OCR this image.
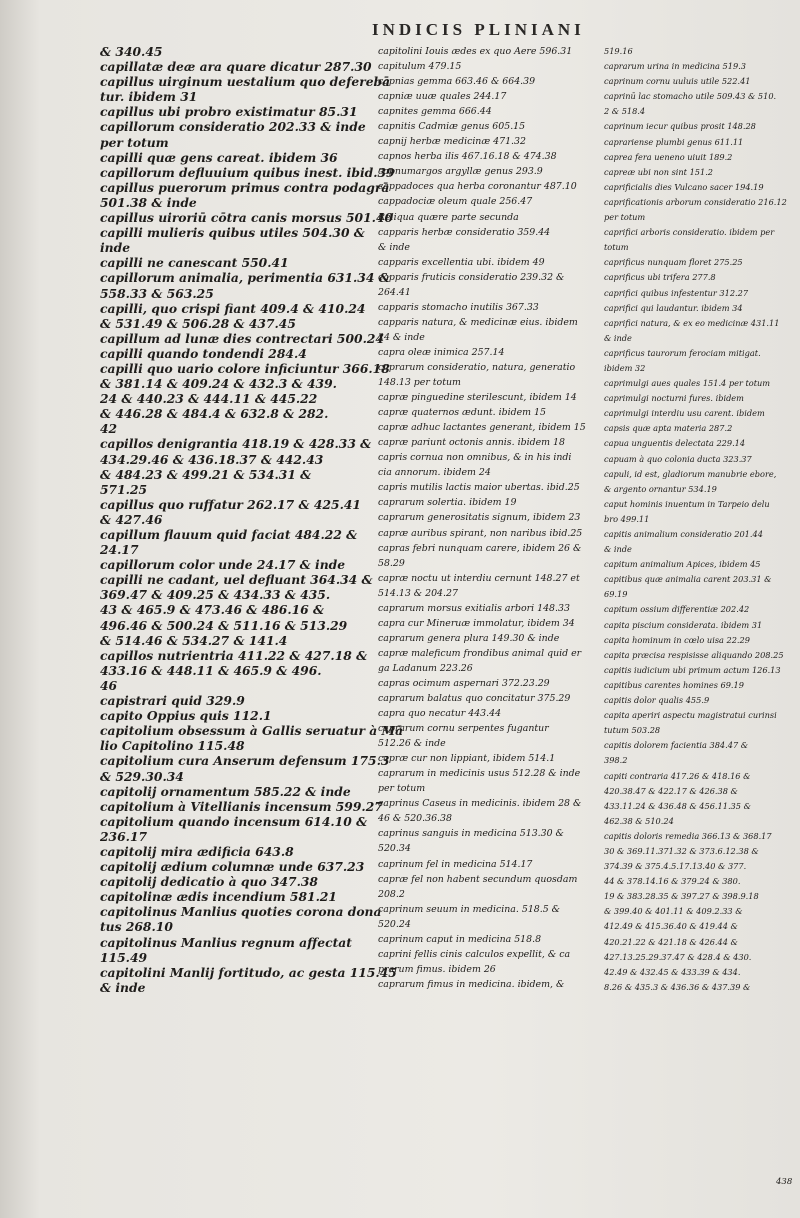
INDICIS PLINIANI
& 340.45
capillatæ deæ ara quare dicatur 287.30
capillus uirginum uestalium quo deferebā
tur. ibidem 31
capillus ubi probro existimatur 85.31
capillorum consideratio 202.33 & inde
per totum
capilli quæ gens careat. ibidem 36
capillorum defluuium quibus inest. ibid.39
capillus puerorum primus contra podagrā
501.38 & inde
capillus uiroriū cōtra canis morsus 501.40
capilli mulieris quibus utiles 504.30 &
inde
capilli ne canescant 550.41
capillorum animalia, perimentia 631.34 &
558.33 & 563.25
capilli, quo crispi fiant 409.4 & 410.24
& 531.49 & 506.28 & 437.45
capillum ad lunæ dies contrectari 500.24
capilli quando tondendi 284.4
capilli quo uario colore inficiuntur 366.18
& 381.14 & 409.24 & 432.3 & 439.
24 & 440.23 & 444.11 & 445.22
& 446.28 & 484.4 & 632.8 & 282.
42
capillos denigrantia 418.19 & 428.33 &
434.29.46 & 436.18.37 & 442.43
& 484.23 & 499.21 & 534.31 &
571.25
capillus quo ruffatur 262.17 & 425.41
& 427.46
capillum flauum quid faciat 484.22 &
24.17
capillorum color unde 24.17 & inde
capilli ne cadant, uel defluant 364.34 &
369.47 & 409.25 & 434.33 & 435.
43 & 465.9 & 473.46 & 486.16 &
496.46 & 500.24 & 511.16 & 513.29
& 514.46 & 534.27 & 141.4
capillos nutrientria 411.22 & 427.18 &
433.16 & 448.11 & 465.9 & 496.
46
capistrari quid 329.9
capito Oppius quis 112.1
capitolium obsessum à Gallis seruatur à Mā
lio Capitolino 115.48
capitolium cura Anserum defensum 175.3
& 529.30.34
capitolij ornamentum 585.22 & inde
capitolium à Vitellianis incensum 599.27
capitolium quando incensum 614.10 &
236.17
capitolij mira ædificia 643.8
capitolij ædium columnæ unde 637.23
capitolij dedicatio à quo 347.38
capitolinæ ædis incendium 581.21
capitolinus Manlius quoties corona dona
tus 268.10
capitolinus Manlius regnum affectat
115.49
capitolini Manlij fortitudo, ac gesta 115.45
& inde
capitolini Iouis ædes ex quo Aere 596.31
capitulum 479.15
capnias gemma 663.46 & 664.39
capniæ uuæ quales 244.17
capnites gemma 666.44
capnitis Cadmiæ genus 605.15
capnij herbæ medicinæ 471.32
capnos herba ilis 467.16.18 & 474.38
capnumargos argyllæ genus 293.9
cappadoces qua herba coronantur 487.10
cappadociæ oleum quale 256.47
Reliqua quære parte secunda
capparis herbæ consideratio 359.44
& inde
capparis excellentia ubi. ibidem 49
capparis fruticis consideratio 239.32 &
264.41
capparis stomacho inutilis 367.33
capparis natura, & medicinæ eius. ibidem
24 & inde
capra oleæ inimica 257.14
caprarum consideratio, natura, generatio
148.13 per totum
capræ pinguedine sterilescunt, ibidem 14
capræ quaternos ædunt. ibidem 15
capræ adhuc lactantes generant, ibidem 15
capræ pariunt octonis annis. ibidem 18
capris cornua non omnibus, & in his indi
cia annorum. ibidem 24
capris mutilis lactis maior ubertas. ibid.25
caprarum solertia. ibidem 19
caprarum generositatis signum, ibidem 23
capræ auribus spirant, non naribus ibid.25
capras febri nunquam carere, ibidem 26 &
58.29
capræ noctu ut interdiu cernunt 148.27 et
514.13 & 204.27
caprarum morsus exitialis arbori 148.33
capra cur Mineruæ immolatur, ibidem 34
caprarum genera plura 149.30 & inde
capræ maleficum frondibus animal quid er
ga Ladanum 223.26
capras ocimum aspernari 372.23.29
caprarum balatus quo concitatur 375.29
capra quo necatur 443.44
caprarum cornu serpentes fugantur
512.26 & inde
capræ cur non lippiant, ibidem 514.1
caprarum in medicinis usus 512.28 & inde
per totum
caprinus Caseus in medicinis. ibidem 28 &
46 & 520.36.38
caprinus sanguis in medicina 513.30 &
520.34
caprinum fel in medicina 514.17
capræ fel non habent secundum quosdam
208.2
caprinum seuum in medicina. 518.5 &
520.24
caprinum caput in medicina 518.8
caprini fellis cinis calculos expellit, & ca
prarum fimus. ibidem 26
caprarum fimus in medicina. ibidem, &
519.16
caprarum urina in medicina 519.3
caprinum cornu uuluis utile 522.41
caprinū lac stomacho utile 509.43 & 510.
2 & 518.4
caprinum iecur quibus prosit 148.28
caprariense plumbi genus 611.11
caprea fera ueneno uiuit 189.2
capreæ ubi non sint 151.2
caprificialis dies Vulcano sacer 194.19
caprificationis arborum consideratio 216.12
per totum
caprifici arboris consideratio. ibidem per
totum
caprificus nunquam floret 275.25
caprificus ubi trifera 277.8
caprifici quibus infestentur 312.27
caprifici qui laudantur. ibidem 34
caprifici natura, & ex eo medicinæ 431.11
& inde
caprificus taurorum ferociam mitigat.
ibidem 32
caprimulgi aues quales 151.4 per totum
caprimulgi nocturni fures. ibidem
caprimulgi interdiu usu carent. ibidem
capsis quæ apta materia 287.2
capua unguentis delectata 229.14
capuam à quo colonia ducta 323.37
capuli, id est, gladiorum manubrie ebore,
& argento ornantur 534.19
caput hominis inuentum in Tarpeio delu
bro 499.11
capitis animalium consideratio 201.44
& inde
capitum animalium Apices, ibidem 45
capitibus quæ animalia carent 203.31 &
69.19
capitum ossium differentiæ 202.42
capita piscium considerata. ibidem 31
capita hominum in cœlo uisa 22.29
capita præcisa respisisse aliquando 208.25
capitis iudicium ubi primum actum 126.13
capitibus carentes homines 69.19
capitis dolor qualis 455.9
capita aperiri aspectu magistratui curinsi
tutum 503.28
capitis dolorem facientia 384.47 &
398.2
capiti contraria 417.26 & 418.16 &
420.38.47 & 422.17 & 426.38 &
433.11.24 & 436.48 & 456.11.35 &
462.38 & 510.24
capitis doloris remedia 366.13 & 368.17
30 & 369.11.371.32 & 373.6.12.38 &
374.39 & 375.4.5.17.13.40 & 377.
44 & 378.14.16 & 379.24 & 380.
19 & 383.28.35 & 397.27 & 398.9.18
& 399.40 & 401.11 & 409.2.33 &
412.49 & 415.36.40 & 419.44 &
420.21.22 & 421.18 & 426.44 &
427.13.25.29.37.47 & 428.4 & 430.
42.49 & 432.45 & 433.39 & 434.
8.26 & 435.3 & 436.36 & 437.39 &
438
